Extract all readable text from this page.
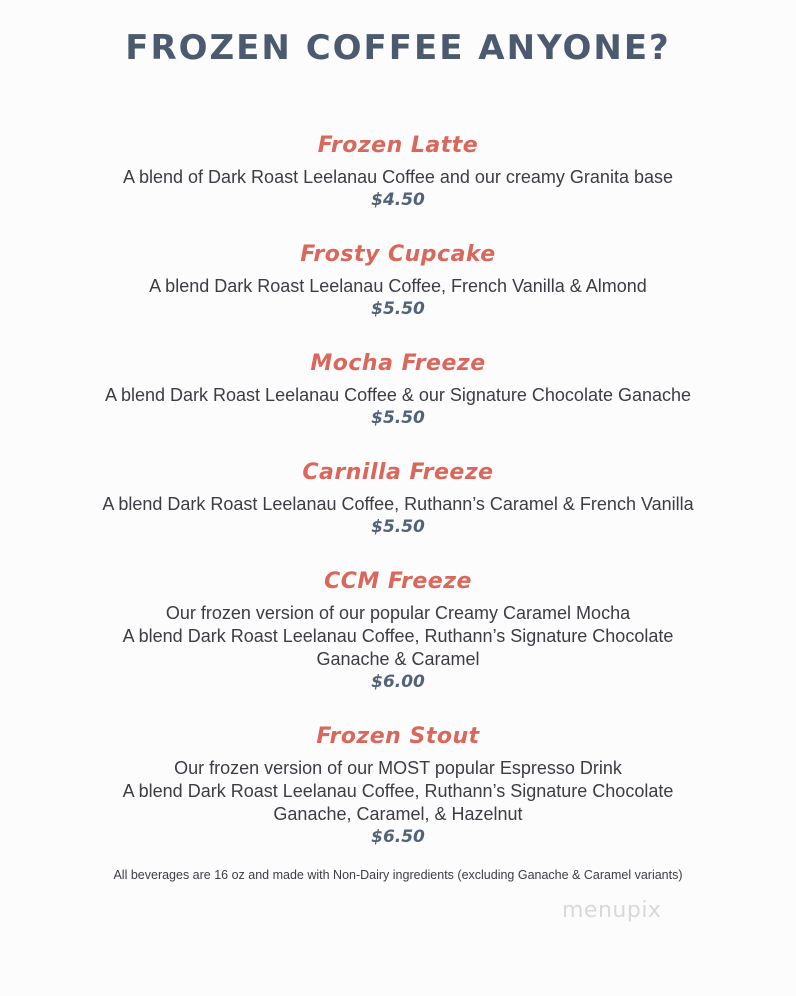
FROZEN COFFEE ANYONE?
Frozen Latte
A blend of Dark Roast Leelanau Coffee and our creamy Granita base
$4.50
Frosty Cupcake
A blend Dark Roast Leelanau Coffee, French Vanilla & Almond
$5.50
Mocha Freeze
A blend Dark Roast Leelanau Coffee & our Signature Chocolate Ganache
$5.50
Carnilla Freeze
A blend Dark Roast Leelanau Coffee, Ruthann’s Caramel & French Vanilla
$5.50
CCM Freeze
Our frozen version of our popular Creamy Caramel Mocha
A blend Dark Roast Leelanau Coffee, Ruthann’s Signature Chocolate
Ganache & Caramel
$6.00
Frozen Stout
Our frozen version of our MOST popular Espresso Drink
A blend Dark Roast Leelanau Coffee, Ruthann’s Signature Chocolate
Ganache, Caramel, & Hazelnut
$6.50
All beverages are 16 oz and made with Non-Dairy ingredients (excluding Ganache & Caramel variants)
menupix
